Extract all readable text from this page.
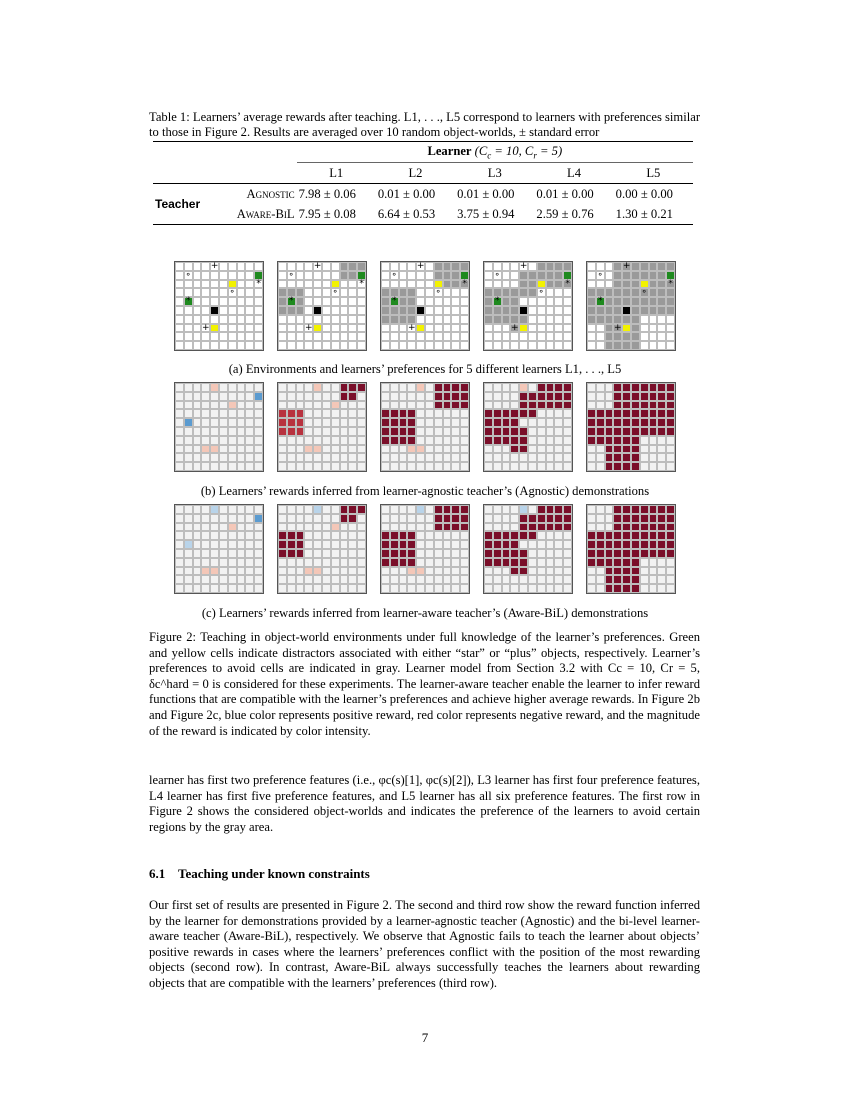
Table 1: Learners’ average rewards after teaching. L1, . . ., L5 correspond to learners with preferences similar to those in Figure 2. Results are averaged over 10 random object-worlds, ± standard error
		Learner ($C_c = 10$, $C_r = 5$)				
		L1	L2	L3	L4	L5
Teacher	Agnostic	7.98 ± 0.06	0.01 ± 0.00	0.01 ± 0.00	0.01 ± 0.00	0.00 ± 0.00
	Aware-BiL	7.95 ± 0.08	6.64 ± 0.53	3.75 ± 0.94	2.59 ± 0.76	1.30 ± 0.21
+
∘
*
∘
*
+
+
∘
*
∘
*
+
+
∘
*
∘
*
+
+
∘
*
∘
*
+
+
∘
*
∘
*
+
(a) Environments and learners’ preferences for 5 different learners L1, . . ., L5
(b) Learners’ rewards inferred from learner-agnostic teacher’s (Agnostic) demonstrations
(c) Learners’ rewards inferred from learner-aware teacher’s (Aware-BiL) demonstrations
Figure 2: Teaching in object-world environments under full knowledge of the learner’s preferences. Green and yellow cells indicate distractors associated with either “star” or “plus” objects, respectively. Learner’s preferences to avoid cells are indicated in gray. Learner model from Section 3.2 with Cc = 10, Cr = 5, δc^hard = 0 is considered for these experiments. The learner-aware teacher enable the learner to infer reward functions that are compatible with the learner’s preferences and achieve higher average rewards. In Figure 2b and Figure 2c, blue color represents positive reward, red color represents negative reward, and the magnitude of the reward is indicated by color intensity.
learner has first two preference features (i.e., φc(s)[1], φc(s)[2]), L3 learner has first four preference features, L4 learner has first five preference features, and L5 learner has all six preference features. The first row in Figure 2 shows the considered object-worlds and indicates the preference of the learners to avoid certain regions by the gray area.
6.1 Teaching under known constraints
Our first set of results are presented in Figure 2. The second and third row show the reward function inferred by the learner for demonstrations provided by a learner-agnostic teacher (Agnostic) and the bi-level learner-aware teacher (Aware-BiL), respectively. We observe that Agnostic fails to teach the learner about objects’ positive rewards in cases where the learners’ preferences conflict with the position of the most rewarding objects (second row). In contrast, Aware-BiL always successfully teaches the learners about rewarding objects that are compatible with the learners’ preferences (third row).
7
